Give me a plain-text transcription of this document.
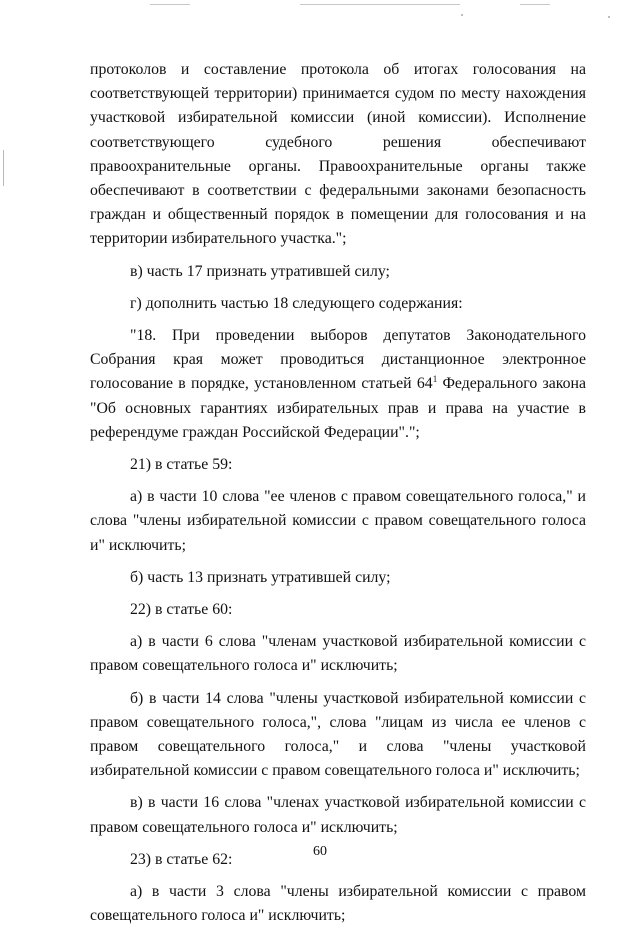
протоколов и составление протокола об итогах голосования на соответствующей территории) принимается судом по месту нахождения участковой избирательной комиссии (иной комиссии). Исполнение соответствующего судебного решения обеспечивают правоохранительные органы. Правоохранительные органы также обеспечивают в соответствии с федеральными законами безопасность граждан и общественный порядок в помещении для голосования и на территории избирательного участка.";

в) часть 17 признать утратившей силу;

г) дополнить частью 18 следующего содержания:

"18. При проведении выборов депутатов Законодательного Собрания края может проводиться дистанционное электронное голосование в порядке, установленном статьей $64^1$ Федерального закона "Об основных гарантиях избирательных прав и права на участие в референдуме граждан Российской Федерации".";

21) в статье 59:

а) в части 10 слова "ее членов с правом совещательного голоса," и слова "члены избирательной комиссии с правом совещательного голоса и" исключить;

б) часть 13 признать утратившей силу;

22) в статье 60:

а) в части 6 слова "членам участковой избирательной комиссии с правом совещательного голоса и" исключить;

б) в части 14 слова "члены участковой избирательной комиссии с правом совещательного голоса,", слова "лицам из числа ее членов с правом совещательного голоса," и слова "члены участковой избирательной комиссии с правом совещательного голоса и" исключить;

в) в части 16 слова "членах участковой избирательной комиссии с правом совещательного голоса и" исключить;

23) в статье 62:

а) в части 3 слова "члены избирательной комиссии с правом совещательного голоса и" исключить;

60
